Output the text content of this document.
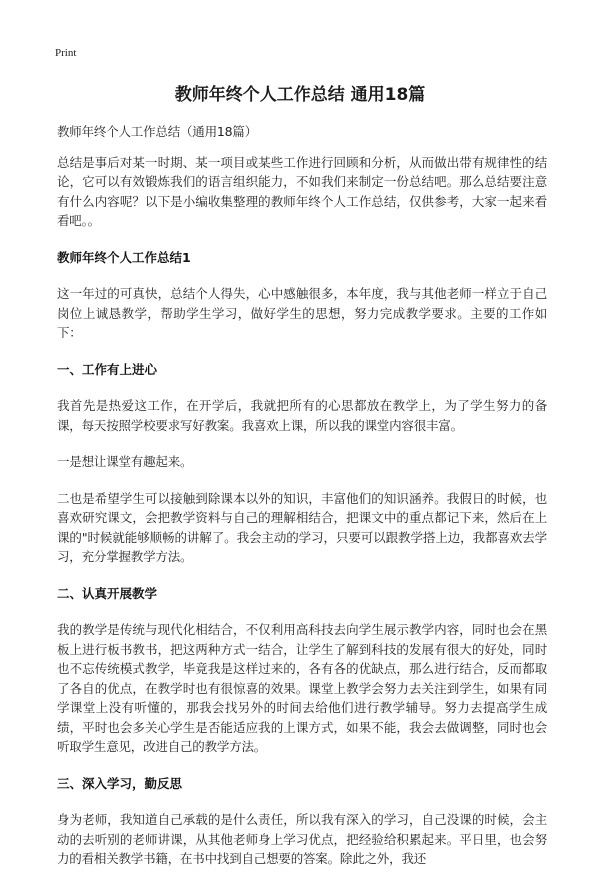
Print
教师年终个人工作总结 通用18篇

教师年终个人工作总结（通用18篇）

总结是事后对某一时期、某一项目或某些工作进行回顾和分析，从而做出带有规律性的结论，它可以有效锻炼我们的语言组织能力，不如我们来制定一份总结吧。那么总结要注意有什么内容呢？以下是小编收集整理的教师年终个人工作总结，仅供参考，大家一起来看看吧。。

教师年终个人工作总结1

这一年过的可真快，总结个人得失，心中感触很多，本年度，我与其他老师一样立于自己岗位上诚恳教学，帮助学生学习，做好学生的思想，努力完成教学要求。主要的工作如下：

一、工作有上进心

我首先是热爱这工作，在开学后，我就把所有的心思都放在教学上，为了学生努力的备课，每天按照学校要求写好教案。我喜欢上课，所以我的课堂内容很丰富。

一是想让课堂有趣起来。

二也是希望学生可以接触到除课本以外的知识，丰富他们的知识涵养。我假日的时候，也喜欢研究课文，会把教学资料与自己的理解相结合，把课文中的重点都记下来，然后在上课的"时候就能够顺畅的讲解了。我会主动的学习，只要可以跟教学搭上边，我都喜欢去学习，充分掌握教学方法。

二、认真开展教学

我的教学是传统与现代化相结合，不仅利用高科技去向学生展示教学内容，同时也会在黑板上进行板书教书，把这两种方式一结合，让学生了解到科技的发展有很大的好处，同时也不忘传统模式教学，毕竟我是这样过来的，各有各的优缺点，那么进行结合，反而都取了各自的优点，在教学时也有很惊喜的效果。课堂上教学会努力去关注到学生，如果有同学课堂上没有听懂的，那我会找另外的时间去给他们进行教学辅导。努力去提高学生成绩，平时也会多关心学生是否能适应我的上课方式，如果不能，我会去做调整，同时也会听取学生意见，改进自己的教学方法。

三、深入学习，勤反思

身为老师，我知道自己承载的是什么责任，所以我有深入的学习，自己没课的时候，会主动的去听别的老师讲课，从其他老师身上学习优点，把经验给积累起来。平日里，也会努力的看相关教学书籍，在书中找到自己想要的答案。除此之外，我还
